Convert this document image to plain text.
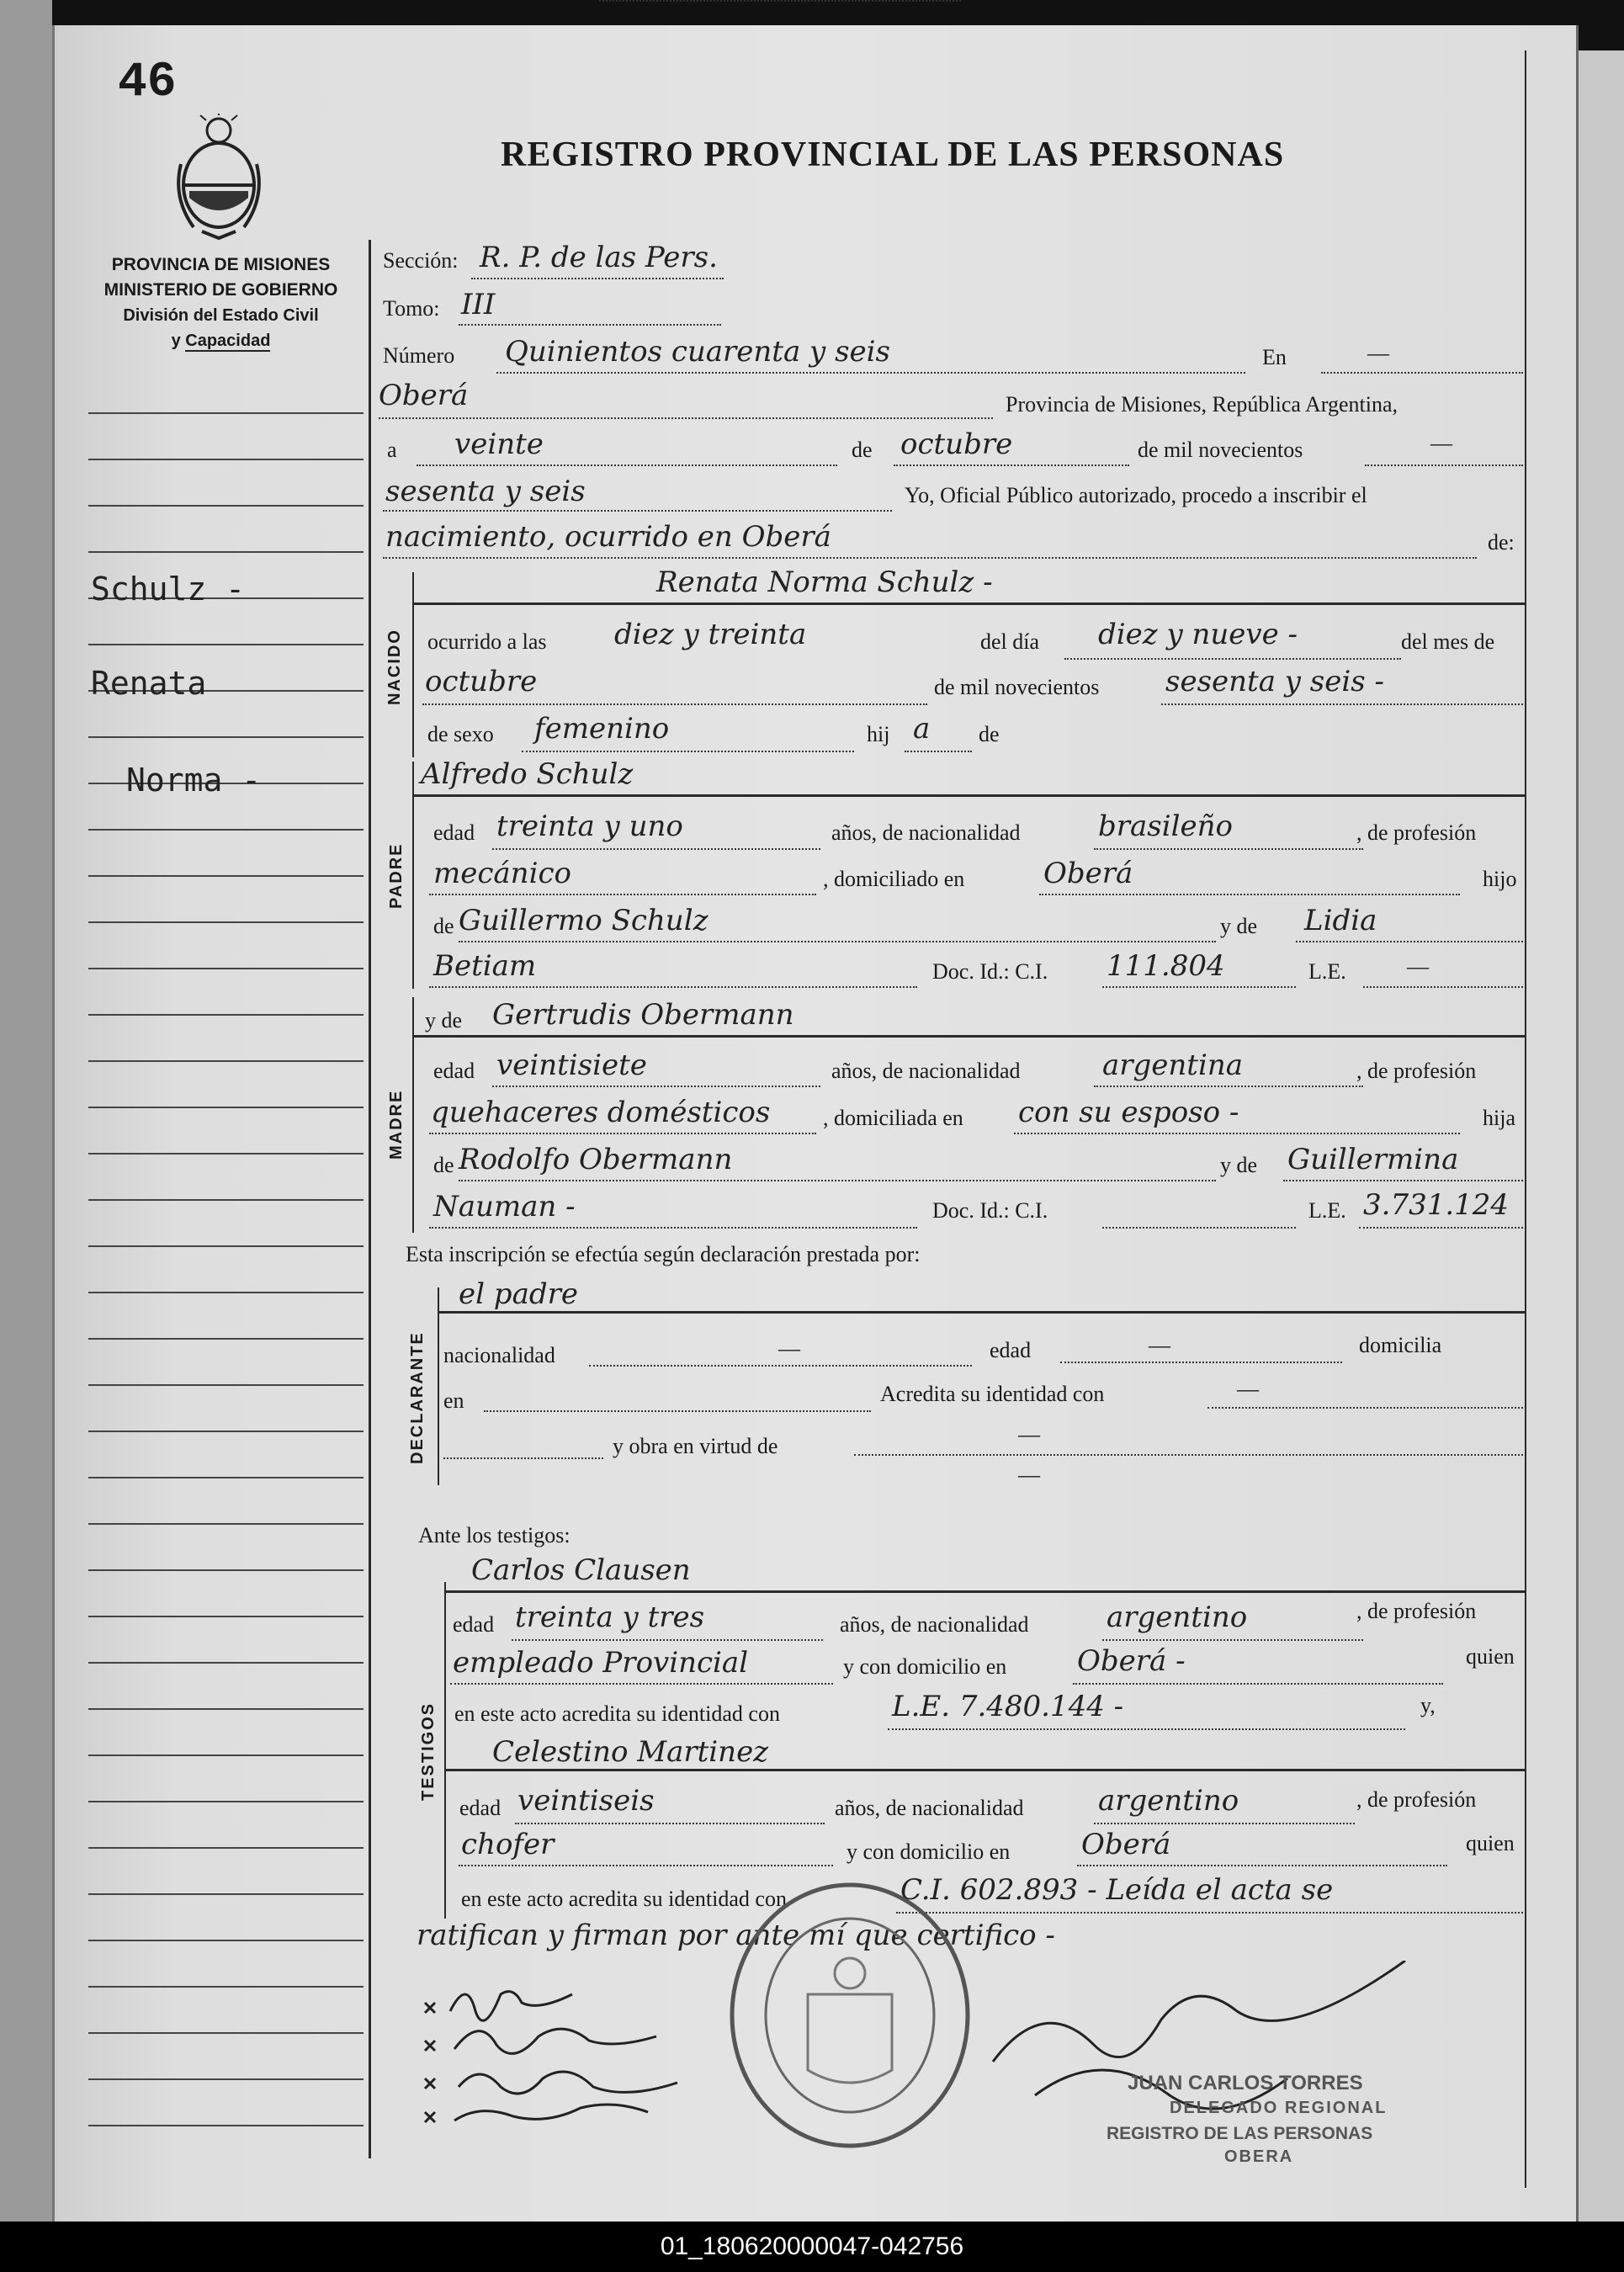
46
REGISTRO PROVINCIAL DE LAS PERSONAS
PROVINCIA DE MISIONES
MINISTERIO DE GOBIERNO
División del Estado Civil
y Capacidad
Schulz -
Renata
Norma -
Sección: R. P. de las Pers.
Tomo: III
Número Quinientos cuarenta y seis	En	—
Oberá	Provincia de Misiones, República Argentina,
a veinte	de octubre	de mil novecientos	—
sesenta y seis	Yo, Oficial Público autorizado, procedo a inscribir el
nacimiento, ocurrido en Oberá	de:
NACIDO
Renata Norma Schulz -
ocurrido a las diez y treinta	del día diez y nueve -	del mes de
octubre	de mil novecientos sesenta y seis -
de sexo femenino	hij a de
PADRE
Alfredo Schulz
edad treinta y uno	años, de nacionalidad	brasileño	, de profesión
mecánico	, domiciliado en	Oberá	hijo
de Guillermo Schulz	y de Lidia
Betiam	Doc. Id.: C.I. 111.804	L.E.	—
MADRE
y de Gertrudis Obermann
edad veintisiete	años, de nacionalidad	argentina	, de profesión
quehaceres domésticos , domiciliada en con su esposo -	hija
de Rodolfo Obermann	y de Guillermina
Nauman -	Doc. Id.: C.I.	L.E. 3.731.124
Esta inscripción se efectúa según declaración prestada por:
DECLARANTE
el padre
nacionalidad	—	edad	—	domicilia
en	Acredita su identidad con	—
y obra en virtud de	—
—
Ante los testigos:
TESTIGOS
Carlos Clausen
edad treinta y tres	años, de nacionalidad	argentino	, de profesión
empleado Provincial	y con domicilio en Oberá -	quien
en este acto acredita su identidad con	L.E. 7.480.144 -	y,
Celestino Martinez
edad veintiseis	años, de nacionalidad	argentino	, de profesión
chofer	y con domicilio en Oberá	quien
en este acto acredita su identidad con	C.I. 602.893 - Leída el acta se
ratifican y firman por ante mí que certifico -
JUAN CARLOS TORRES
DELEGADO REGIONAL
REGISTRO DE LAS PERSONAS
OBERA
01_180620000047-042756
